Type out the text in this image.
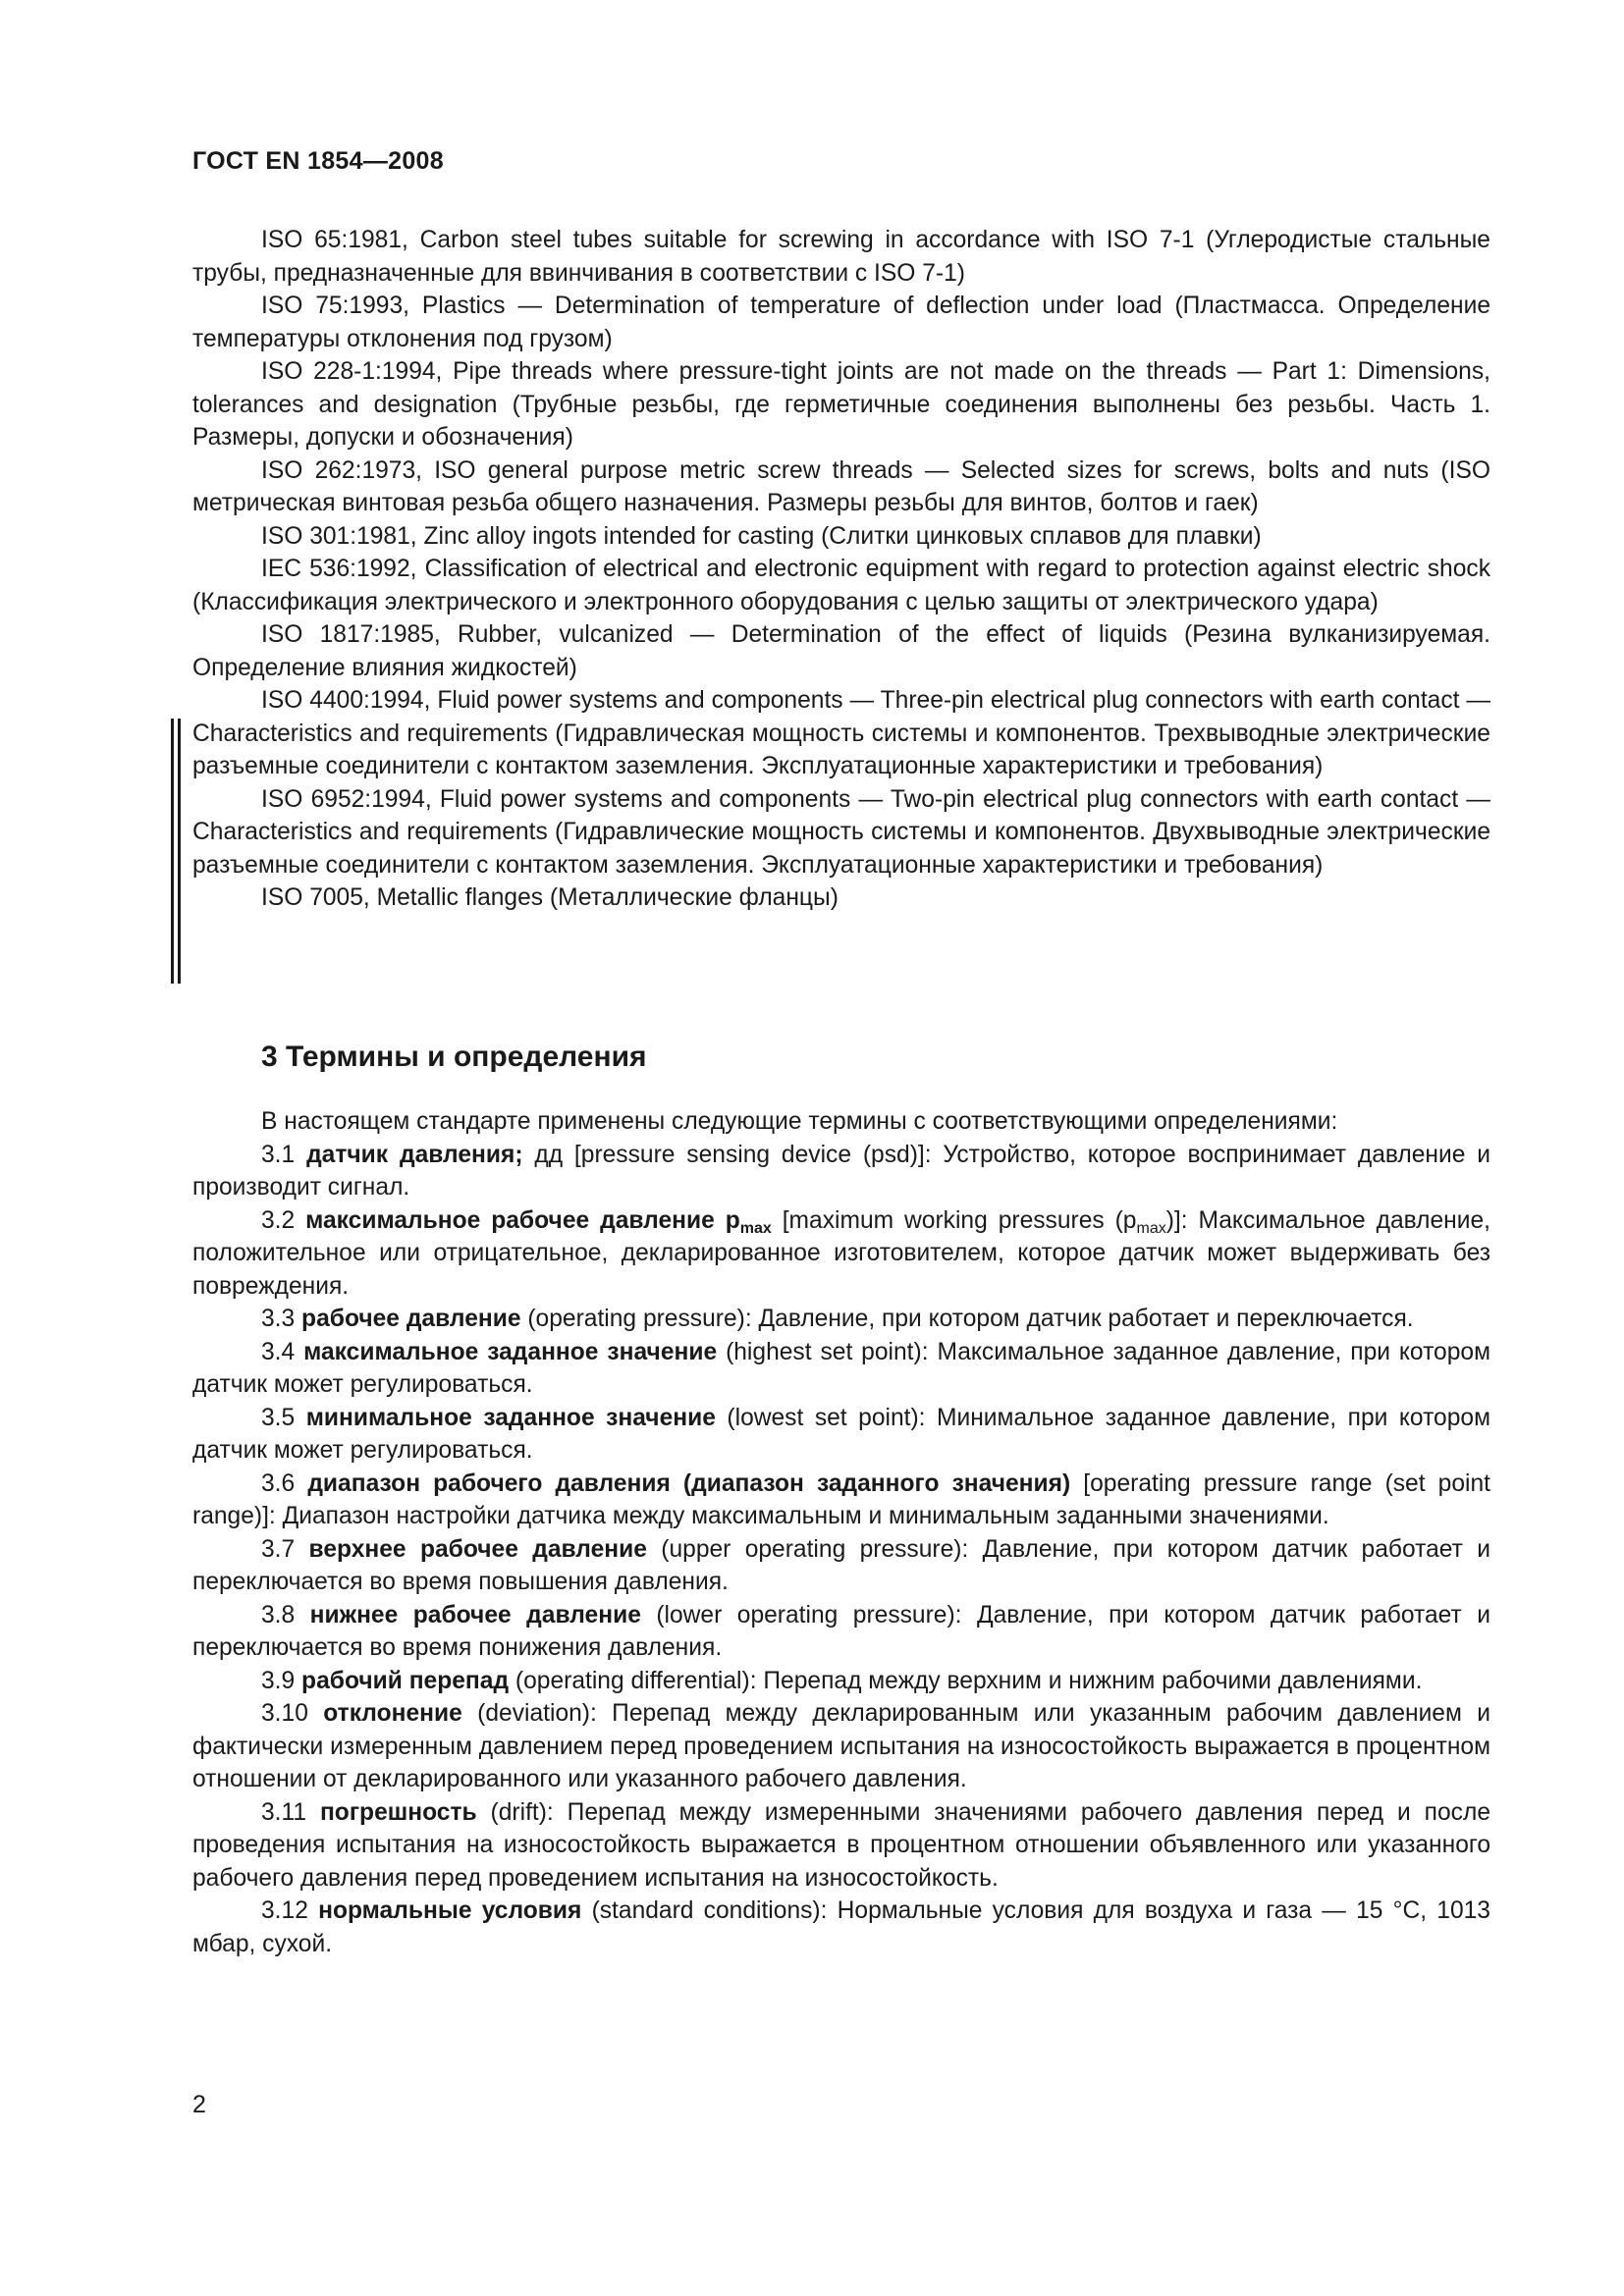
ГОСТ EN 1854—2008

ISO 65:1981, Carbon steel tubes suitable for screwing in accordance with ISO 7-1 (Углеродистые стальные трубы, предназначенные для ввинчивания в соответствии с ISO 7-1)

ISO 75:1993, Plastics — Determination of temperature of deflection under load (Пластмасса. Определение температуры отклонения под грузом)

ISO 228-1:1994, Pipe threads where pressure-tight joints are not made on the threads — Part 1: Dimensions, tolerances and designation (Трубные резьбы, где герметичные соединения выполнены без резьбы. Часть 1. Размеры, допуски и обозначения)

ISO 262:1973, ISO general purpose metric screw threads — Selected sizes for screws, bolts and nuts (ISO метрическая винтовая резьба общего назначения. Размеры резьбы для винтов, болтов и гаек)

ISO 301:1981, Zinc alloy ingots intended for casting (Слитки цинковых сплавов для плавки)

IEC 536:1992, Classification of electrical and electronic equipment with regard to protection against electric shock (Классификация электрического и электронного оборудования с целью защиты от электрического удара)

ISO 1817:1985, Rubber, vulcanized — Determination of the effect of liquids (Резина вулканизируемая. Определение влияния жидкостей)

ISO 4400:1994, Fluid power systems and components — Three-pin electrical plug connectors with earth contact — Characteristics and requirements (Гидравлическая мощность системы и компонентов. Трехвыводные электрические разъемные соединители с контактом заземления. Эксплуатационные характеристики и требования)

ISO 6952:1994, Fluid power systems and components — Two-pin electrical plug connectors with earth contact — Characteristics and requirements (Гидравлические мощность системы и компонентов. Двухвыводные электрические разъемные соединители с контактом заземления. Эксплуатационные характеристики и требования)

ISO 7005, Metallic flanges (Металлические фланцы)

3 Термины и определения

В настоящем стандарте применены следующие термины с соответствующими определениями:

3.1 датчик давления; дд [pressure sensing device (psd)]: Устройство, которое воспринимает давление и производит сигнал.

3.2 максимальное рабочее давление $p_{max}$ [maximum working pressures $(p_{max})$]: Максимальное давление, положительное или отрицательное, декларированное изготовителем, которое датчик может выдерживать без повреждения.

3.3 рабочее давление (operating pressure): Давление, при котором датчик работает и переключается.

3.4 максимальное заданное значение (highest set point): Максимальное заданное давление, при котором датчик может регулироваться.

3.5 минимальное заданное значение (lowest set point): Минимальное заданное давление, при котором датчик может регулироваться.

3.6 диапазон рабочего давления (диапазон заданного значения) [operating pressure range (set point range)]: Диапазон настройки датчика между максимальным и минимальным заданными значениями.

3.7 верхнее рабочее давление (upper operating pressure): Давление, при котором датчик работает и переключается во время повышения давления.

3.8 нижнее рабочее давление (lower operating pressure): Давление, при котором датчик работает и переключается во время понижения давления.

3.9 рабочий перепад (operating differential): Перепад между верхним и нижним рабочими давлениями.

3.10 отклонение (deviation): Перепад между декларированным или указанным рабочим давлением и фактически измеренным давлением перед проведением испытания на износостойкость выражается в процентном отношении от декларированного или указанного рабочего давления.

3.11 погрешность (drift): Перепад между измеренными значениями рабочего давления перед и после проведения испытания на износостойкость выражается в процентном отношении объявленного или указанного рабочего давления перед проведением испытания на износостойкость.

3.12 нормальные условия (standard conditions): Нормальные условия для воздуха и газа — 15 °C, 1013 мбар, сухой.

2
